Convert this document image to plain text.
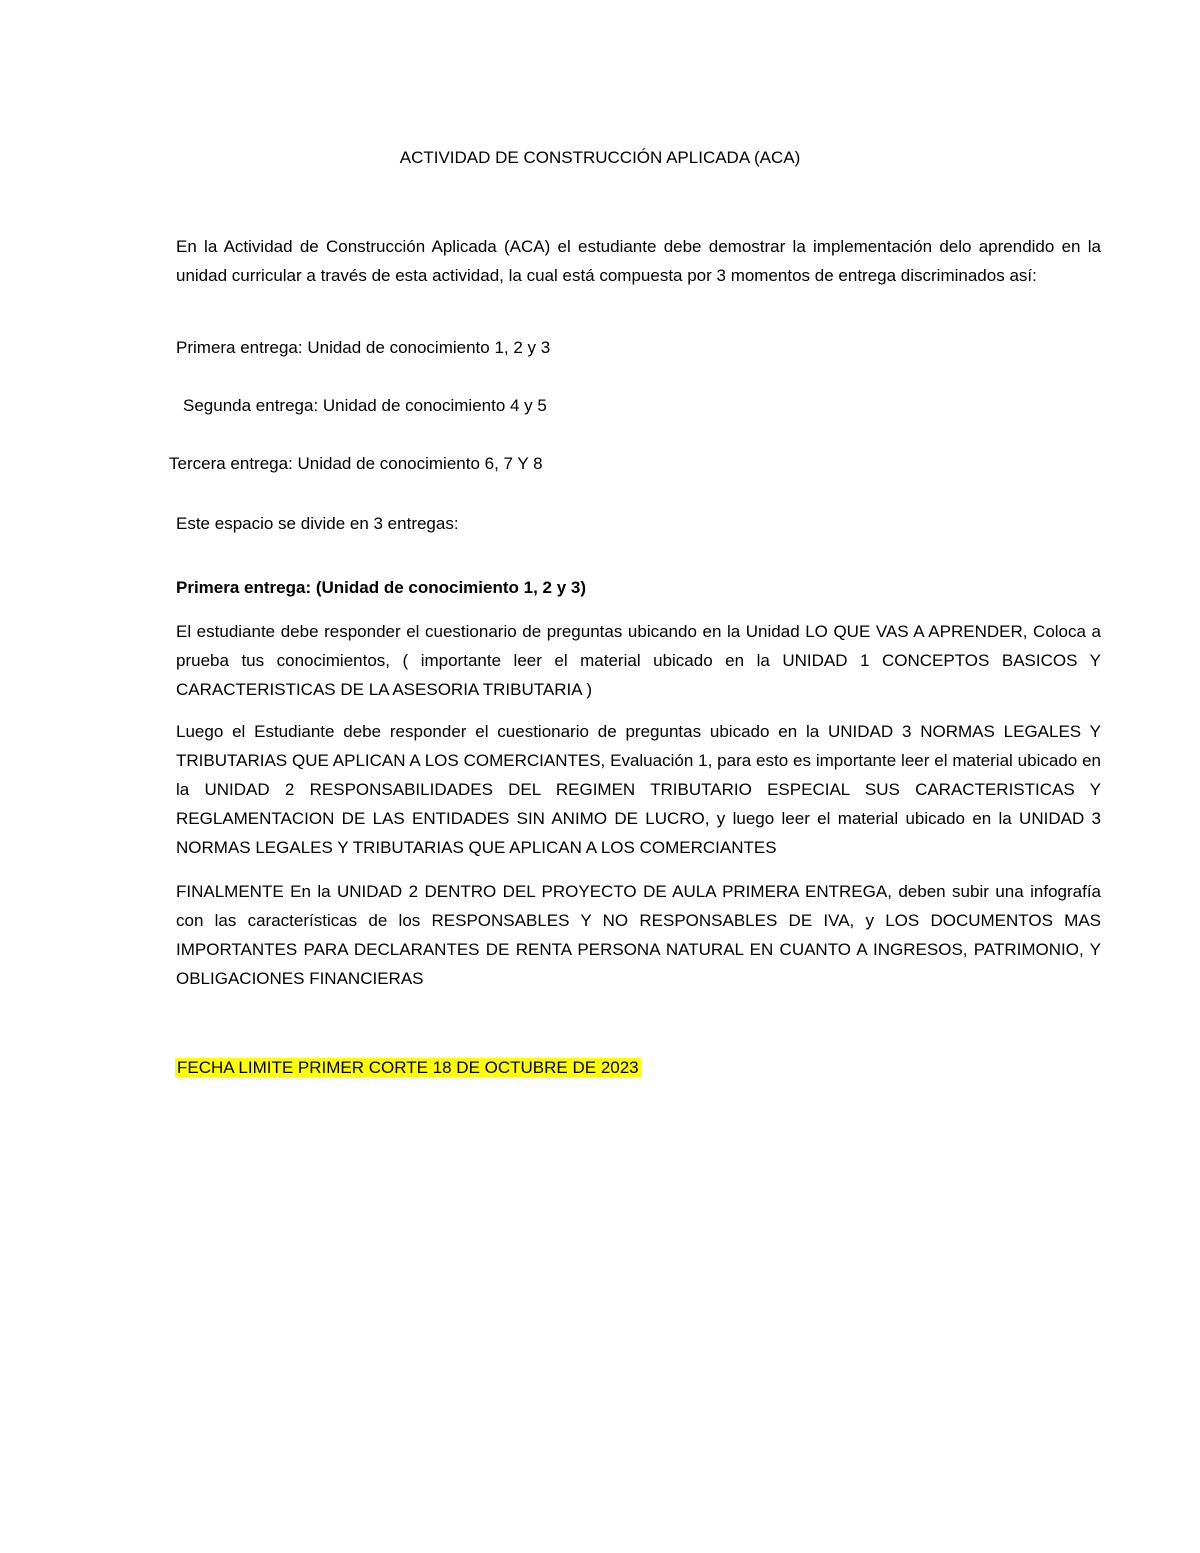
ACTIVIDAD DE CONSTRUCCIÓN APLICADA (ACA)
En la Actividad de Construcción Aplicada (ACA) el estudiante debe demostrar la implementación delo aprendido en la unidad curricular a través de esta actividad, la cual está compuesta por 3 momentos de entrega discriminados así:
Primera entrega: Unidad de conocimiento 1, 2 y 3
Segunda entrega: Unidad de conocimiento 4 y 5
Tercera entrega: Unidad de conocimiento 6, 7 Y 8
Este espacio se divide en 3 entregas:
Primera entrega: (Unidad de conocimiento 1, 2 y 3)
El estudiante debe responder el cuestionario de preguntas ubicando en la Unidad LO QUE VAS A APRENDER, Coloca a prueba tus conocimientos, ( importante leer el material ubicado en la UNIDAD 1 CONCEPTOS BASICOS Y CARACTERISTICAS DE LA ASESORIA TRIBUTARIA )
Luego el Estudiante debe responder el cuestionario de preguntas ubicado en la UNIDAD 3 NORMAS LEGALES Y TRIBUTARIAS QUE APLICAN A LOS COMERCIANTES, Evaluación 1, para esto es importante leer el material ubicado en la UNIDAD 2 RESPONSABILIDADES DEL REGIMEN TRIBUTARIO ESPECIAL SUS CARACTERISTICAS Y REGLAMENTACION DE LAS ENTIDADES SIN ANIMO DE LUCRO, y luego leer el material ubicado en la UNIDAD 3 NORMAS LEGALES Y TRIBUTARIAS QUE APLICAN A LOS COMERCIANTES
FINALMENTE En la UNIDAD 2 DENTRO DEL PROYECTO DE AULA PRIMERA ENTREGA, deben subir una infografía con las características de los RESPONSABLES Y NO RESPONSABLES DE IVA, y LOS DOCUMENTOS MAS IMPORTANTES PARA DECLARANTES DE RENTA PERSONA NATURAL EN CUANTO A INGRESOS, PATRIMONIO, Y OBLIGACIONES FINANCIERAS
FECHA LIMITE PRIMER CORTE 18 DE OCTUBRE DE 2023
